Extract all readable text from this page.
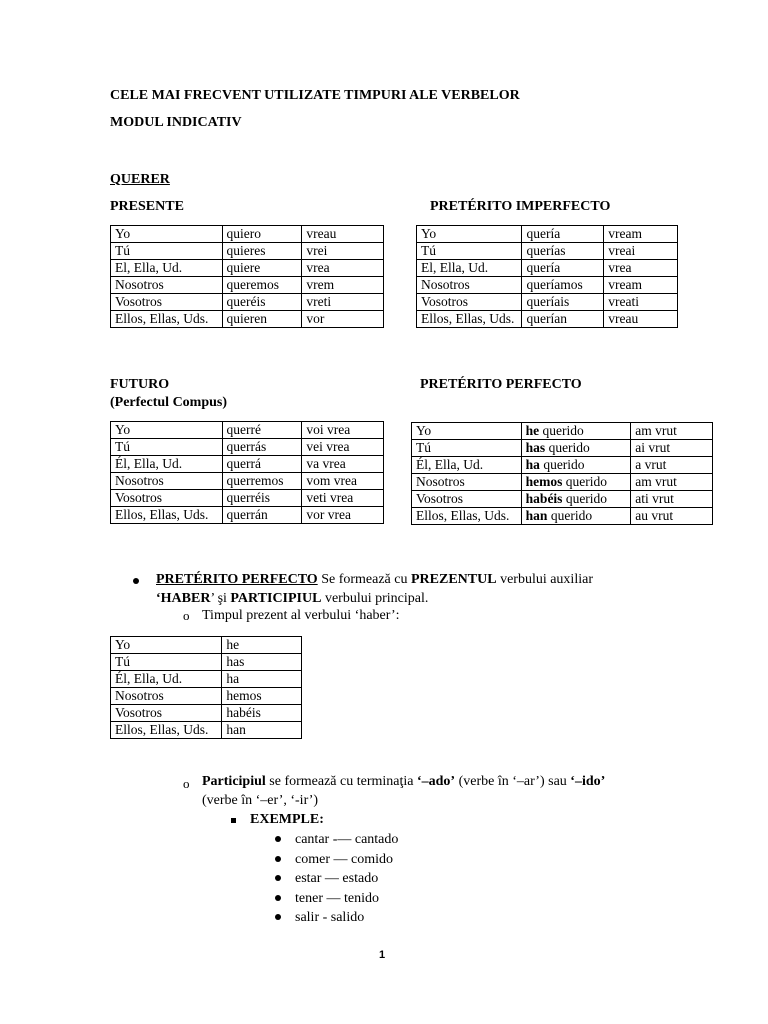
CELE MAI FRECVENT UTILIZATE TIMPURI ALE VERBELOR
MODUL INDICATIV
QUERER
PRESENTE
Yo	quiero	vreau
Tú	quieres	vrei
El, Ella, Ud.	quiere	vrea
Nosotros	queremos	vrem
Vosotros	queréis	vreti
Ellos, Ellas, Uds.	quieren	vor
PRETÉRITO IMPERFECTO
Yo	quería	vream
Tú	querías	vreai
El, Ella, Ud.	quería	vrea
Nosotros	queríamos	vream
Vosotros	queríais	vreati
Ellos, Ellas, Uds.	querían	vreau
FUTURO
(Perfectul Compus)
Yo	querré	voi vrea
Tú	querrás	vei vrea
Él, Ella, Ud.	querrá	va vrea
Nosotros	querremos	vom vrea
Vosotros	querréis	veti vrea
Ellos, Ellas, Uds.	querrán	vor vrea
PRETÉRITO PERFECTO
Yo	he querido	am vrut
Tú	has querido	ai vrut
Él, Ella, Ud.	ha querido	a vrut
Nosotros	hemos querido	am vrut
Vosotros	habéis querido	ati vrut
Ellos, Ellas, Uds.	han querido	au vrut
PRETÉRITO PERFECTO Se formează cu PREZENTUL verbului auxiliar
‘HABER’ şi PARTICIPIUL verbului principal.
o Timpul prezent al verbului ‘haber’:
Yo	he
Tú	has
Él, Ella, Ud.	ha
Nosotros	hemos
Vosotros	habéis
Ellos, Ellas, Uds.	han
o Participiul se formează cu terminaţia ‘–ado’ (verbe în ‘–ar’) sau ‘–ido’
(verbe în ‘–er’, ‘-ir’)
EXEMPLE:
cantar -— cantado
comer — comido
estar — estado
tener — tenido
salir - salido
1
